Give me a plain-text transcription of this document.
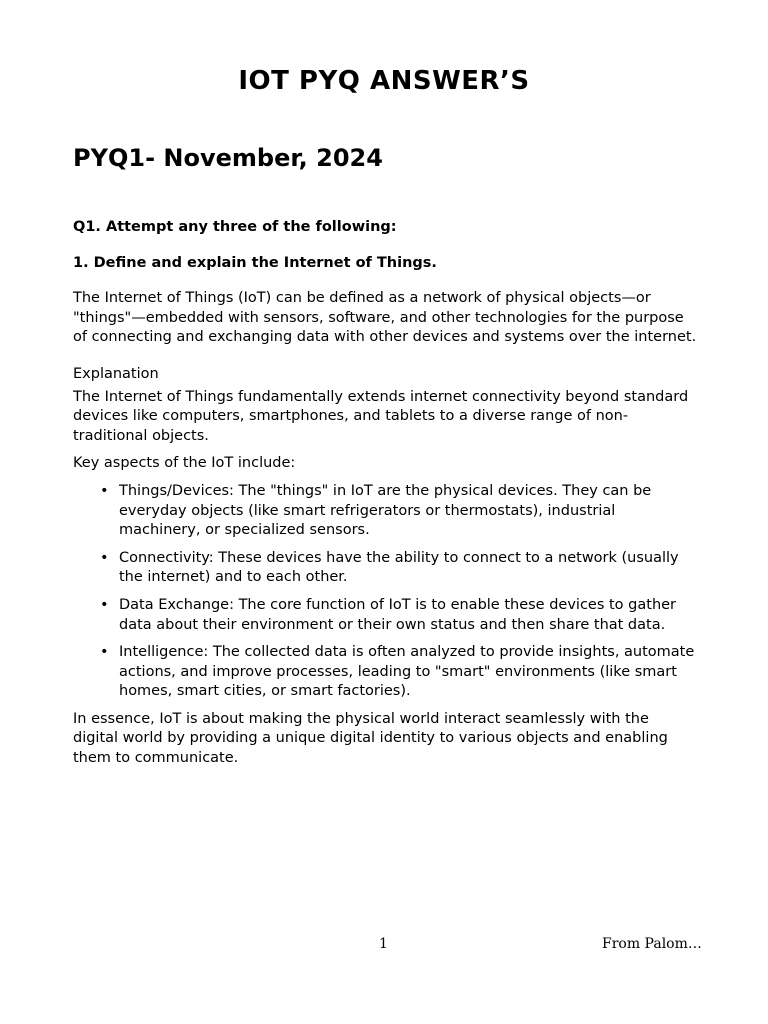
IOT PYQ ANSWER’S
PYQ1- November, 2024

Q1. Attempt any three of the following:

1. Define and explain the Internet of Things.

The Internet of Things (IoT) can be defined as a network of physical objects—or "things"—embedded with sensors, software, and other technologies for the purpose of connecting and exchanging data with other devices and systems over the internet.

Explanation

The Internet of Things fundamentally extends internet connectivity beyond standard devices like computers, smartphones, and tablets to a diverse range of non-traditional objects.

Key aspects of the IoT include:

• Things/Devices: The "things" in IoT are the physical devices. They can be everyday objects (like smart refrigerators or thermostats), industrial machinery, or specialized sensors.
• Connectivity: These devices have the ability to connect to a network (usually the internet) and to each other.
• Data Exchange: The core function of IoT is to enable these devices to gather data about their environment or their own status and then share that data.
• Intelligence: The collected data is often analyzed to provide insights, automate actions, and improve processes, leading to "smart" environments (like smart homes, smart cities, or smart factories).

In essence, IoT is about making the physical world interact seamlessly with the digital world by providing a unique digital identity to various objects and enabling them to communicate.

1	From Palom…
